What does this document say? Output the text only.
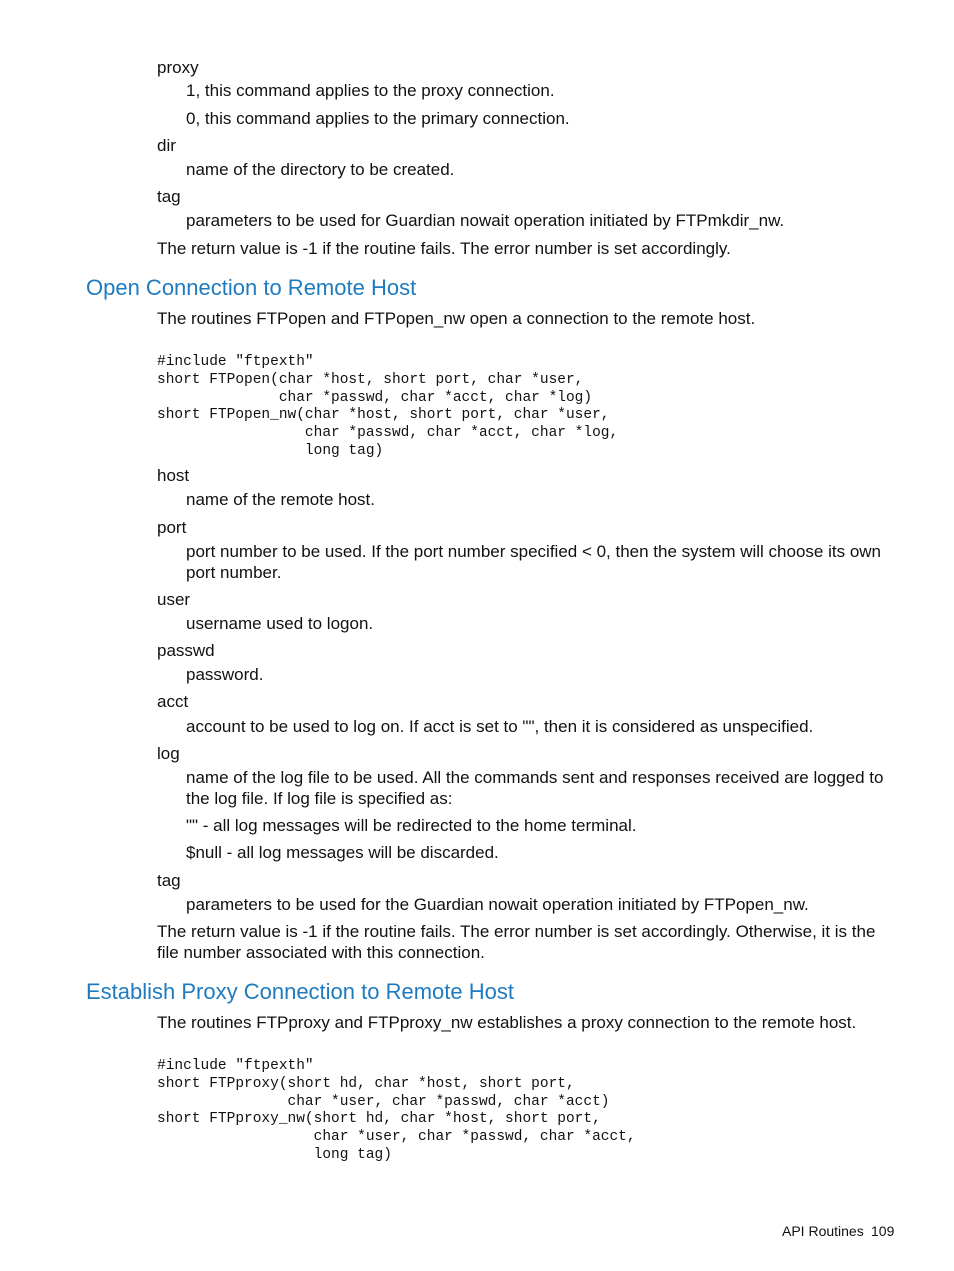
proxy

1, this command applies to the proxy connection.

0, this command applies to the primary connection.

dir

name of the directory to be created.

tag

parameters to be used for Guardian nowait operation initiated by FTPmkdir_nw.

The return value is -1 if the routine fails. The error number is set accordingly.

Open Connection to Remote Host

The routines FTPopen and FTPopen_nw open a connection to the remote host.

#include "ftpexth"
short FTPopen(char *host, short port, char *user,
char *passwd, char *acct, char *log)
short FTPopen_nw(char *host, short port, char *user,
char *passwd, char *acct, char *log,
long tag)

host

name of the remote host.

port

port number to be used. If the port number specified < 0, then the system will choose its own port number.

user

username used to logon.

passwd

password.

acct

account to be used to log on. If acct is set to "", then it is considered as unspecified.

log

name of the log file to be used. All the commands sent and responses received are logged to the log file. If log file is specified as:

"" - all log messages will be redirected to the home terminal.

$null - all log messages will be discarded.

tag

parameters to be used for the Guardian nowait operation initiated by FTPopen_nw.

The return value is -1 if the routine fails. The error number is set accordingly. Otherwise, it is the file number associated with this connection.

Establish Proxy Connection to Remote Host

The routines FTPproxy and FTPproxy_nw establishes a proxy connection to the remote host.

#include "ftpexth"
short FTPproxy(short hd, char *host, short port,
char *user, char *passwd, char *acct)
short FTPproxy_nw(short hd, char *host, short port,
char *user, char *passwd, char *acct,
long tag)
API Routines 109
